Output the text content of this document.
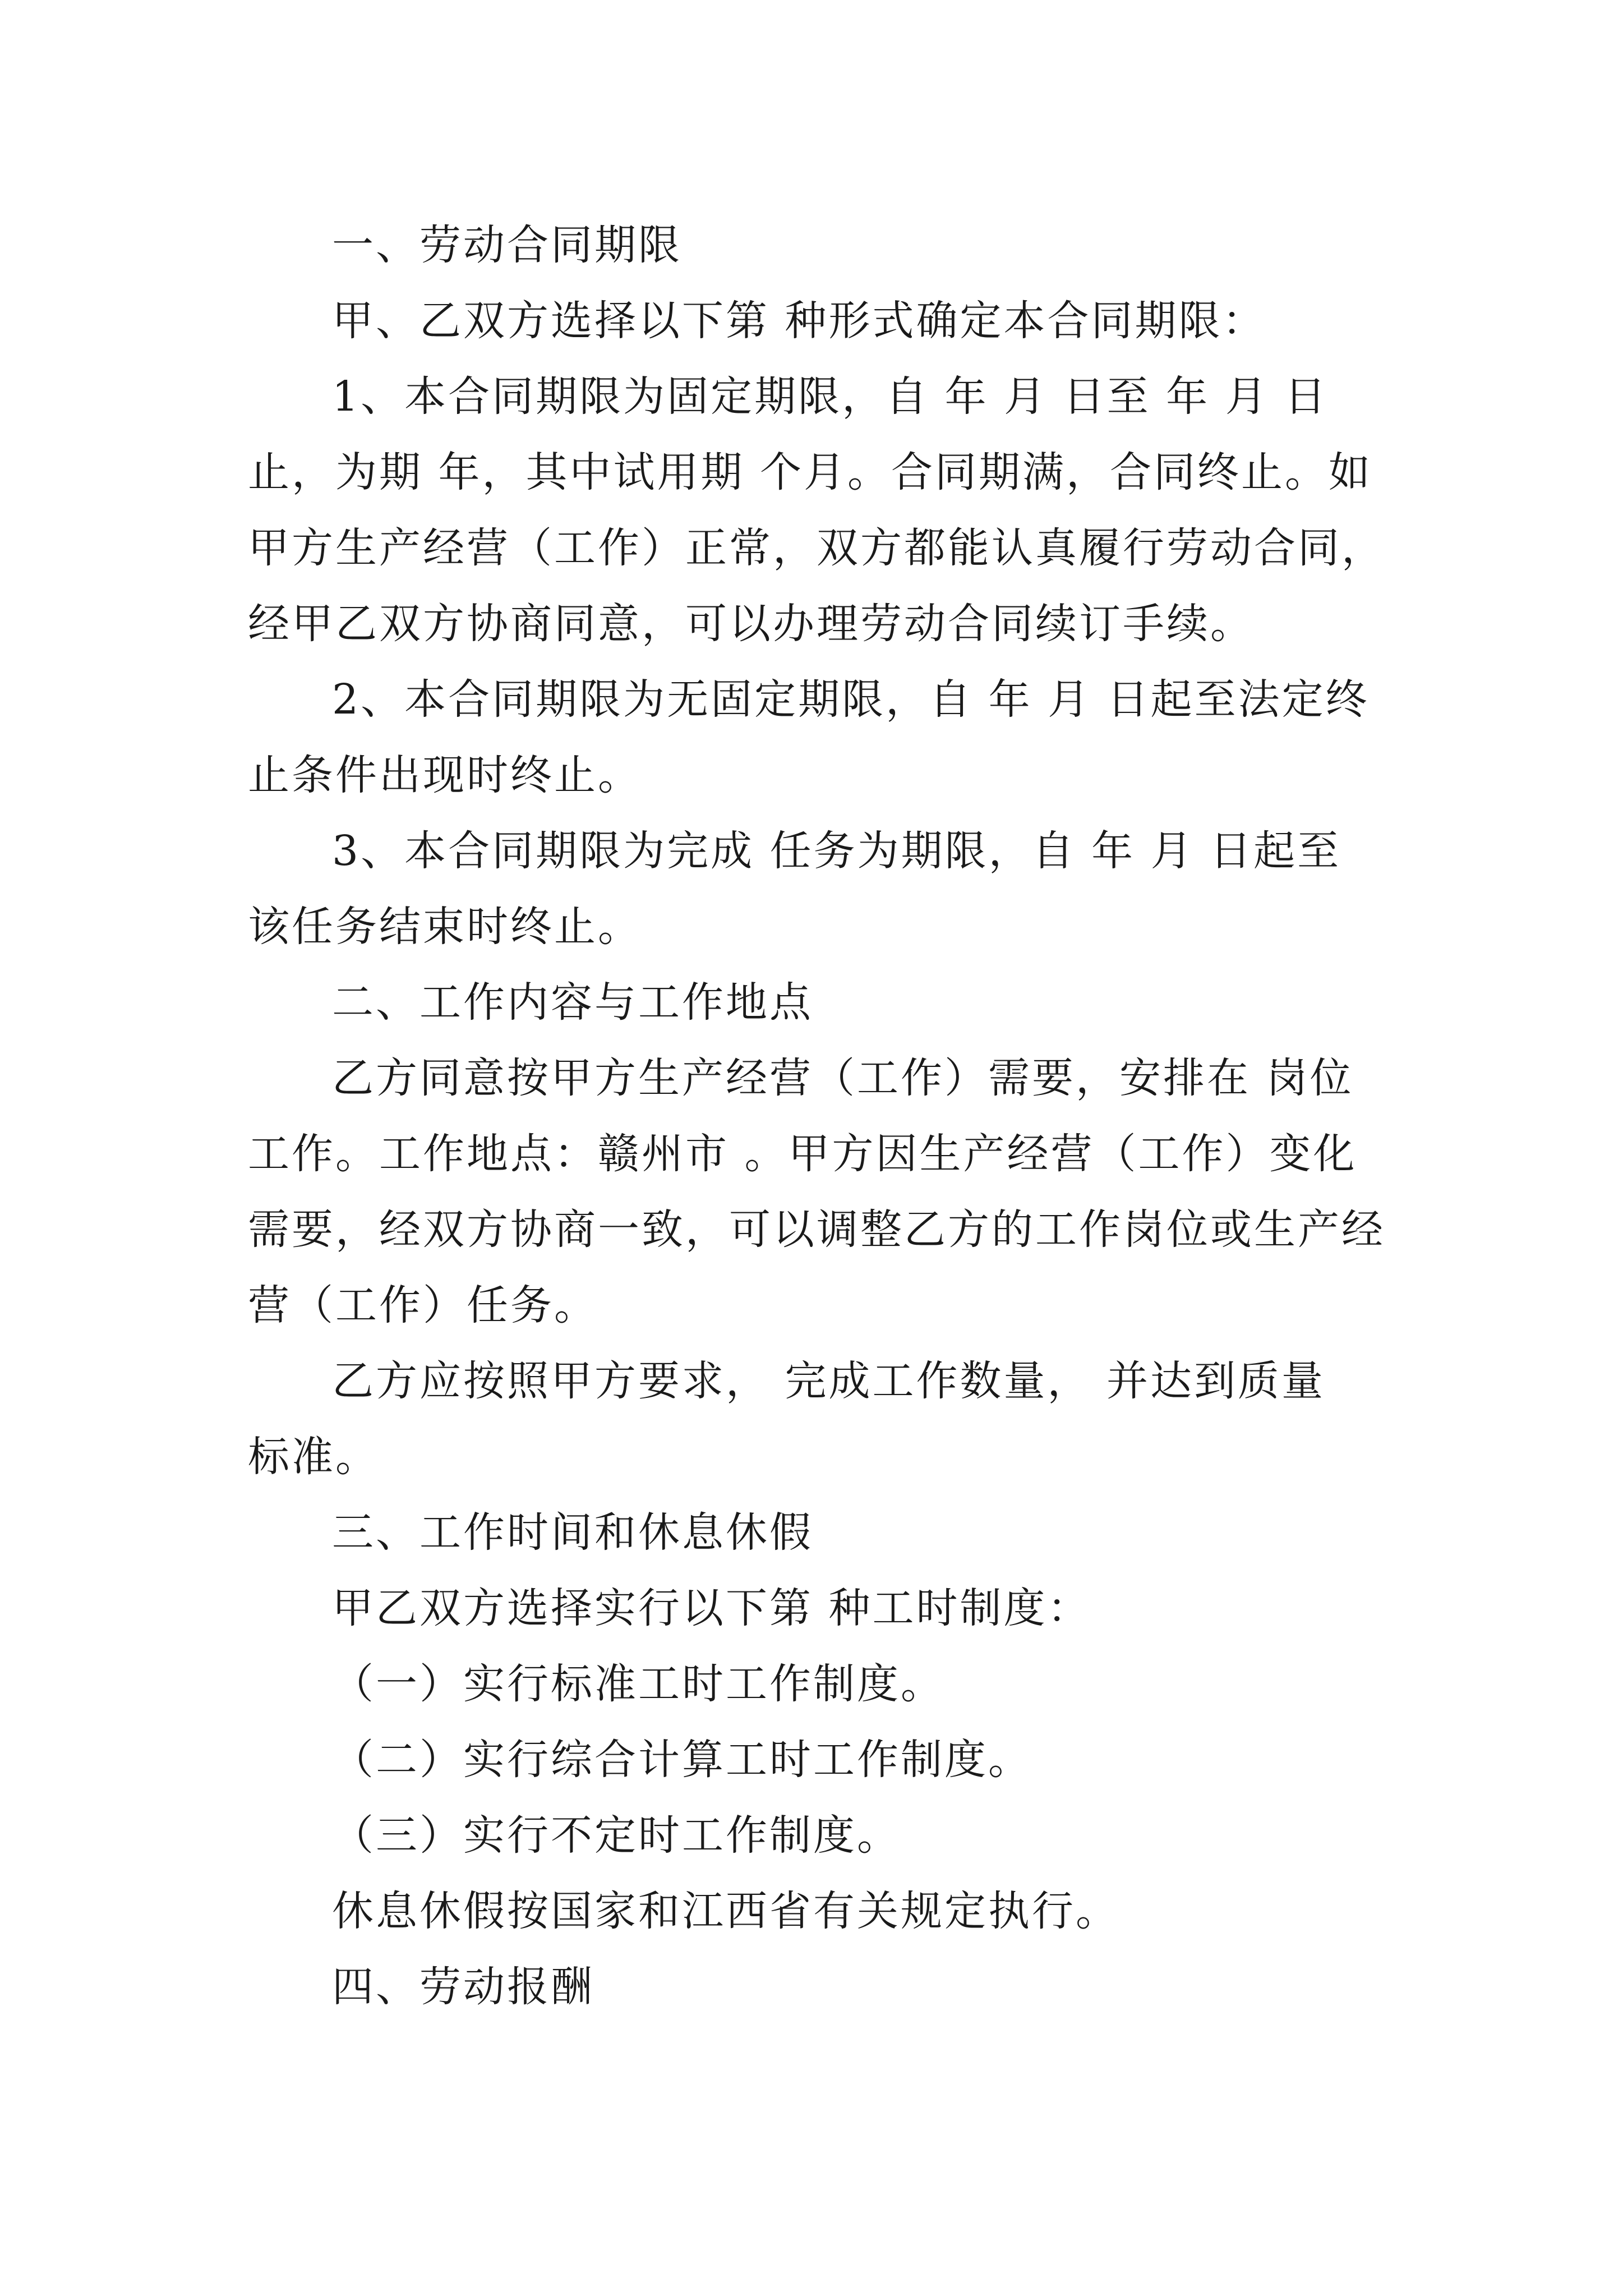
一、劳动合同期限
甲、乙双方选择以下第 种形式确定本合同期限：
1、本合同期限为固定期限，自 年 月 日至 年 月 日
止，为期 年，其中试用期 个月。合同期满，合同终止。如
甲方生产经营（工作）正常，双方都能认真履行劳动合同，
经甲乙双方协商同意，可以办理劳动合同续订手续。
2、本合同期限为无固定期限，自 年 月 日起至法定终
止条件出现时终止。
3、本合同期限为完成 任务为期限，自 年 月 日起至
该任务结束时终止。
二、工作内容与工作地点
乙方同意按甲方生产经营（工作）需要，安排在 岗位
工作。工作地点：赣州市 。甲方因生产经营（工作）变化
需要，经双方协商一致，可以调整乙方的工作岗位或生产经
营（工作）任务。
乙方应按照甲方要求， 完成工作数量， 并达到质量
标准。
三、工作时间和休息休假
甲乙双方选择实行以下第 种工时制度：
（一）实行标准工时工作制度。
（二）实行综合计算工时工作制度。
（三）实行不定时工作制度。
休息休假按国家和江西省有关规定执行。
四、劳动报酬
